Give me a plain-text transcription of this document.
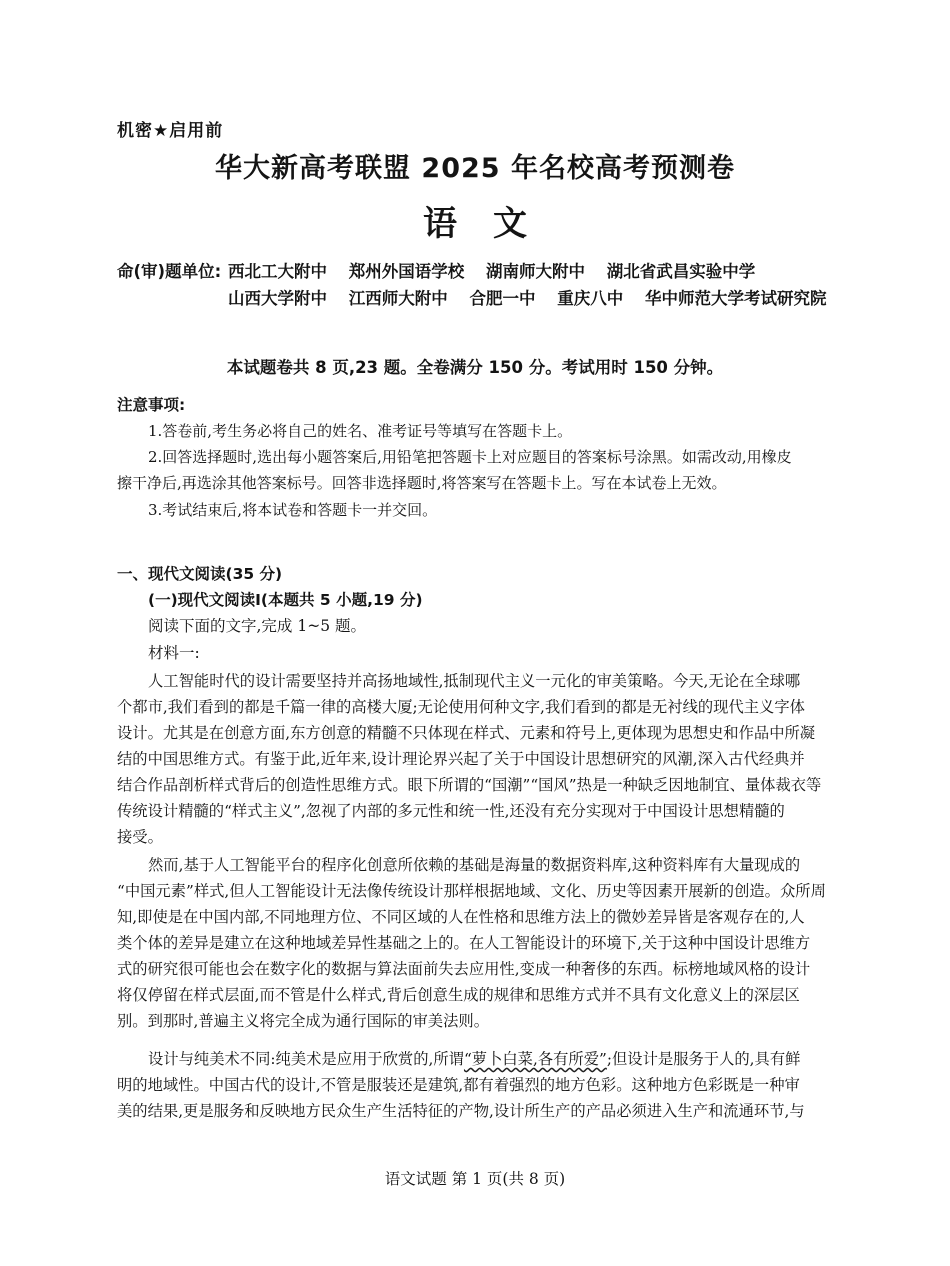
机密★启用前
华大新高考联盟 2025 年名校高考预测卷
语文
命(审)题单位: 西北工大附中 郑州外国语学校 湖南师大附中 湖北省武昌实验中学
山西大学附中 江西师大附中 合肥一中 重庆八中 华中师范大学考试研究院
本试题卷共 8 页,23 题。全卷满分 150 分。考试用时 150 分钟。
注意事项:
1.答卷前,考生务必将自己的姓名、准考证号等填写在答题卡上。
2.回答选择题时,选出每小题答案后,用铅笔把答题卡上对应题目的答案标号涂黑。如需改动,用橡皮
擦干净后,再选涂其他答案标号。回答非选择题时,将答案写在答题卡上。写在本试卷上无效。
3.考试结束后,将本试卷和答题卡一并交回。
一、现代文阅读(35 分)
(一)现代文阅读Ⅰ(本题共 5 小题,19 分)
阅读下面的文字,完成 1~5 题。
材料一:
人工智能时代的设计需要坚持并高扬地域性,抵制现代主义一元化的审美策略。今天,无论在全球哪
个都市,我们看到的都是千篇一律的高楼大厦;无论使用何种文字,我们看到的都是无衬线的现代主义字体
设计。尤其是在创意方面,东方创意的精髓不只体现在样式、元素和符号上,更体现为思想史和作品中所凝
结的中国思维方式。有鉴于此,近年来,设计理论界兴起了关于中国设计思想研究的风潮,深入古代经典并
结合作品剖析样式背后的创造性思维方式。眼下所谓的“国潮”“国风”热是一种缺乏因地制宜、量体裁衣等
传统设计精髓的“样式主义”,忽视了内部的多元性和统一性,还没有充分实现对于中国设计思想精髓的
接受。
然而,基于人工智能平台的程序化创意所依赖的基础是海量的数据资料库,这种资料库有大量现成的
“中国元素”样式,但人工智能设计无法像传统设计那样根据地域、文化、历史等因素开展新的创造。众所周
知,即使是在中国内部,不同地理方位、不同区域的人在性格和思维方法上的微妙差异皆是客观存在的,人
类个体的差异是建立在这种地域差异性基础之上的。在人工智能设计的环境下,关于这种中国设计思维方
式的研究很可能也会在数字化的数据与算法面前失去应用性,变成一种奢侈的东西。标榜地域风格的设计
将仅停留在样式层面,而不管是什么样式,背后创意生成的规律和思维方式并不具有文化意义上的深层区
别。到那时,普遍主义将完全成为通行国际的审美法则。
设计与纯美术不同:纯美术是应用于欣赏的,所谓“萝卜白菜,各有所爱”;但设计是服务于人的,具有鲜
明的地域性。中国古代的设计,不管是服装还是建筑,都有着强烈的地方色彩。这种地方色彩既是一种审
美的结果,更是服务和反映地方民众生产生活特征的产物,设计所生产的产品必须进入生产和流通环节,与
语文试题 第 1 页(共 8 页)
